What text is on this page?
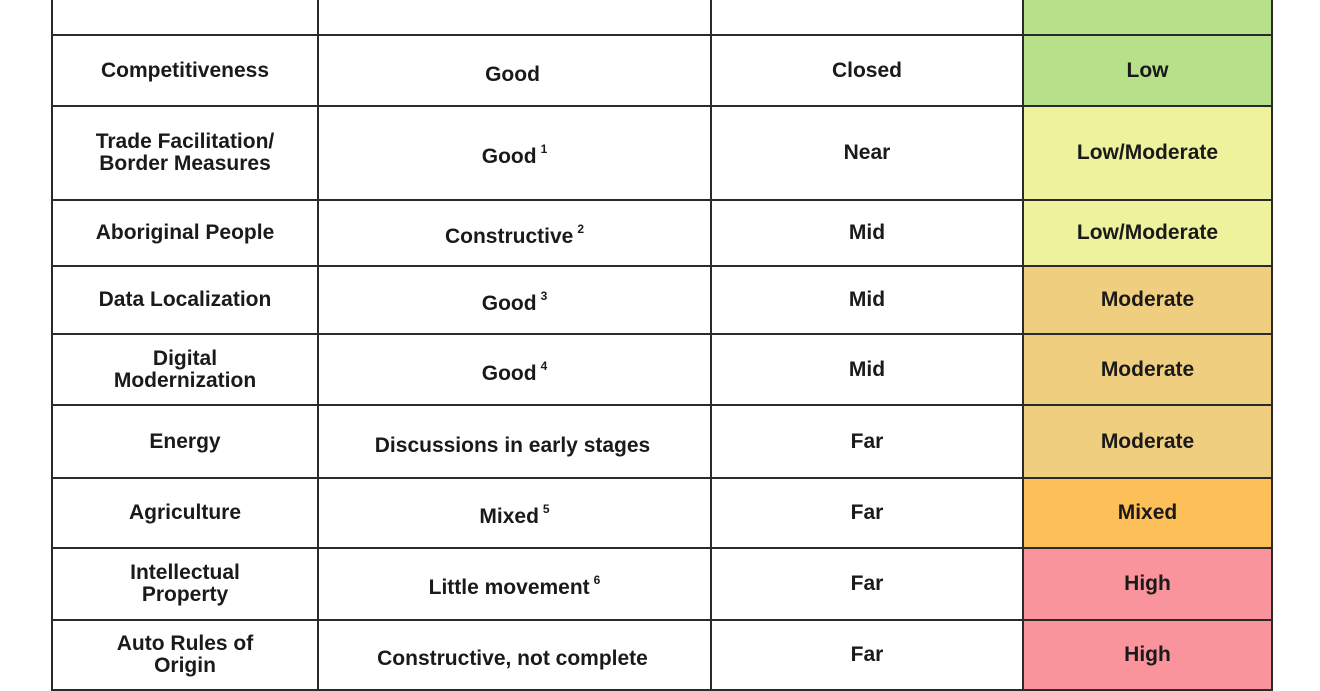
Competitiveness	Good	Closed	Low

Trade Facilitation/ Border Measures	Good $^1$	Near	Low/Moderate

Aboriginal People	Constructive $^2$	Mid	Low/Moderate

Data Localization	Good $^3$	Mid	Moderate

Digital Modernization	Good $^4$	Mid	Moderate

Energy	Discussions in early stages	Far	Moderate

Agriculture	Mixed $^5$	Far	Mixed

Intellectual Property	Little movement $^6$	Far	High

Auto Rules of Origin	Constructive, not complete	Far	High
